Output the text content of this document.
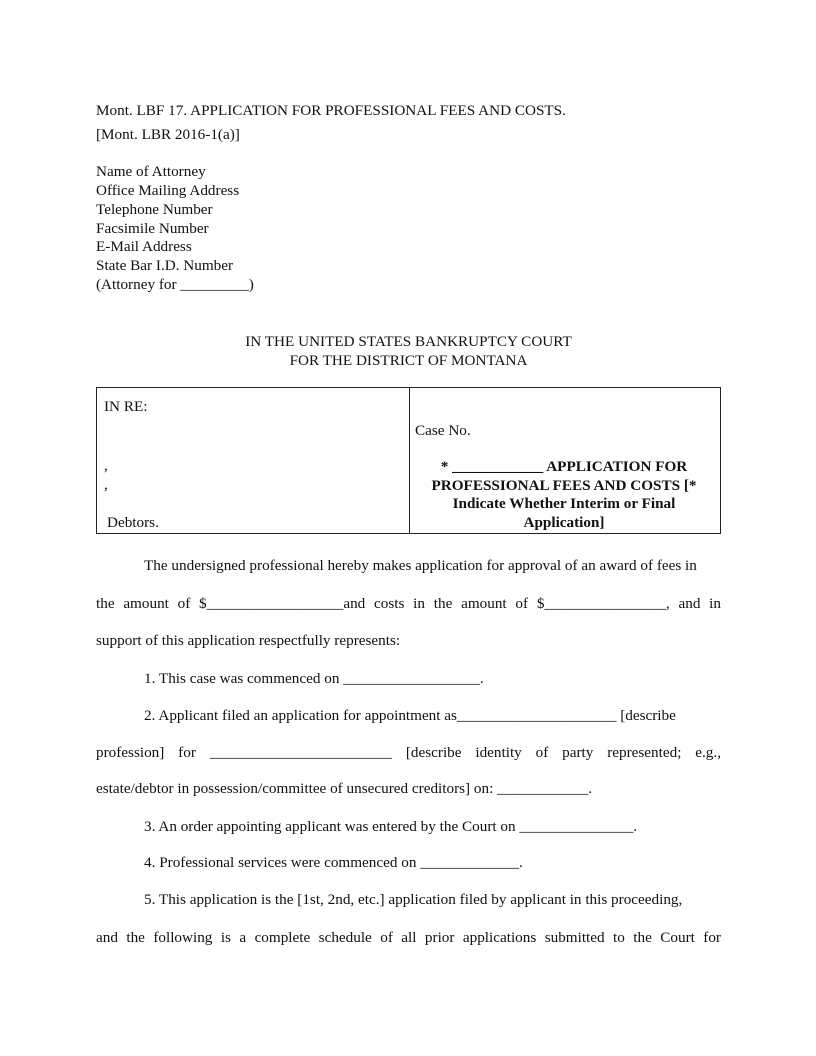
Mont. LBF 17. APPLICATION FOR PROFESSIONAL FEES AND COSTS.
[Mont. LBR 2016-1(a)]
Name of Attorney
Office Mailing Address
Telephone Number
Facsimile Number
E-Mail Address
State Bar I.D. Number
(Attorney for _________)
IN THE UNITED STATES BANKRUPTCY COURT
FOR THE DISTRICT OF MONTANA
IN RE:
,
,
Debtors.
Case No.
* ____________ APPLICATION FOR
PROFESSIONAL FEES AND COSTS [*
Indicate Whether Interim or Final
Application]
The undersigned professional hereby makes application for approval of an award of fees in
the amount of $__________________and costs in the amount of $________________, and in
support of this application respectfully represents:
1. This case was commenced on __________________.
2. Applicant filed an application for appointment as_____________________ [describe
profession] for ________________________ [describe identity of party represented; e.g.,
estate/debtor in possession/committee of unsecured creditors] on: ____________.
3. An order appointing applicant was entered by the Court on _______________.
4. Professional services were commenced on _____________.
5. This application is the [1st, 2nd, etc.] application filed by applicant in this proceeding,
and the following is a complete schedule of all prior applications submitted to the Court for
